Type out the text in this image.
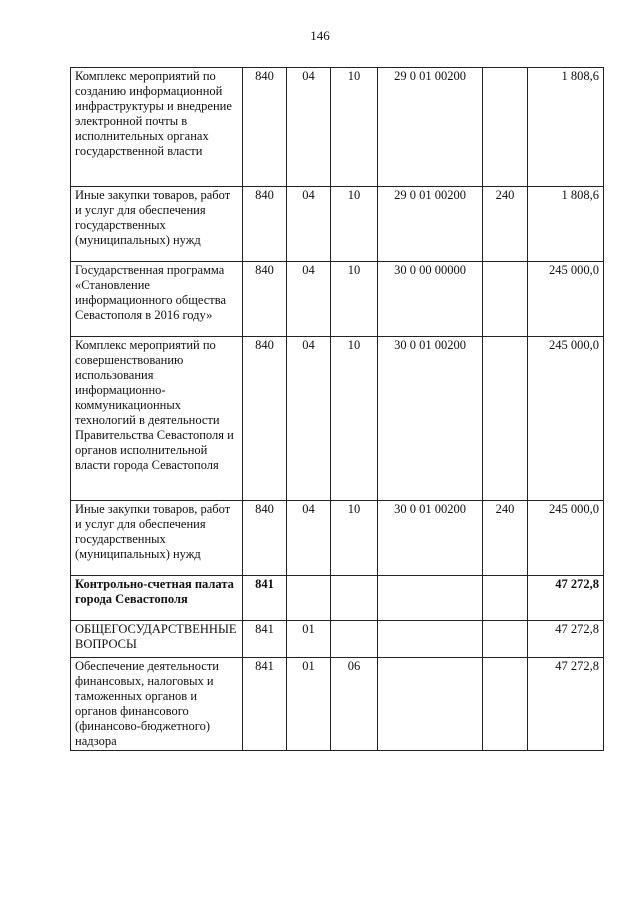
146
Комплекс мероприятий по созданию информационной инфраструктуры и внедрение электронной почты в исполнительных органах государственной власти	840	04	10	29 0 01 00200		1 808,6
Иные закупки товаров, работ и услуг для обеспечения государственных (муниципальных) нужд	840	04	10	29 0 01 00200	240	1 808,6
Государственная программа «Становление информационного общества Севастополя в 2016 году»	840	04	10	30 0 00 00000		245 000,0
Комплекс мероприятий по совершенствованию использования информационно-коммуникационных технологий в деятельности Правительства Севастополя и органов исполнительной власти города Севастополя	840	04	10	30 0 01 00200		245 000,0
Иные закупки товаров, работ и услуг для обеспечения государственных (муниципальных) нужд	840	04	10	30 0 01 00200	240	245 000,0
Контрольно-счетная палата города Севастополя	841					47 272,8
ОБЩЕГОСУДАРСТВЕННЫЕ ВОПРОСЫ	841	01				47 272,8
Обеспечение деятельности финансовых, налоговых и таможенных органов и органов финансового (финансово-бюджетного) надзора	841	01	06			47 272,8
